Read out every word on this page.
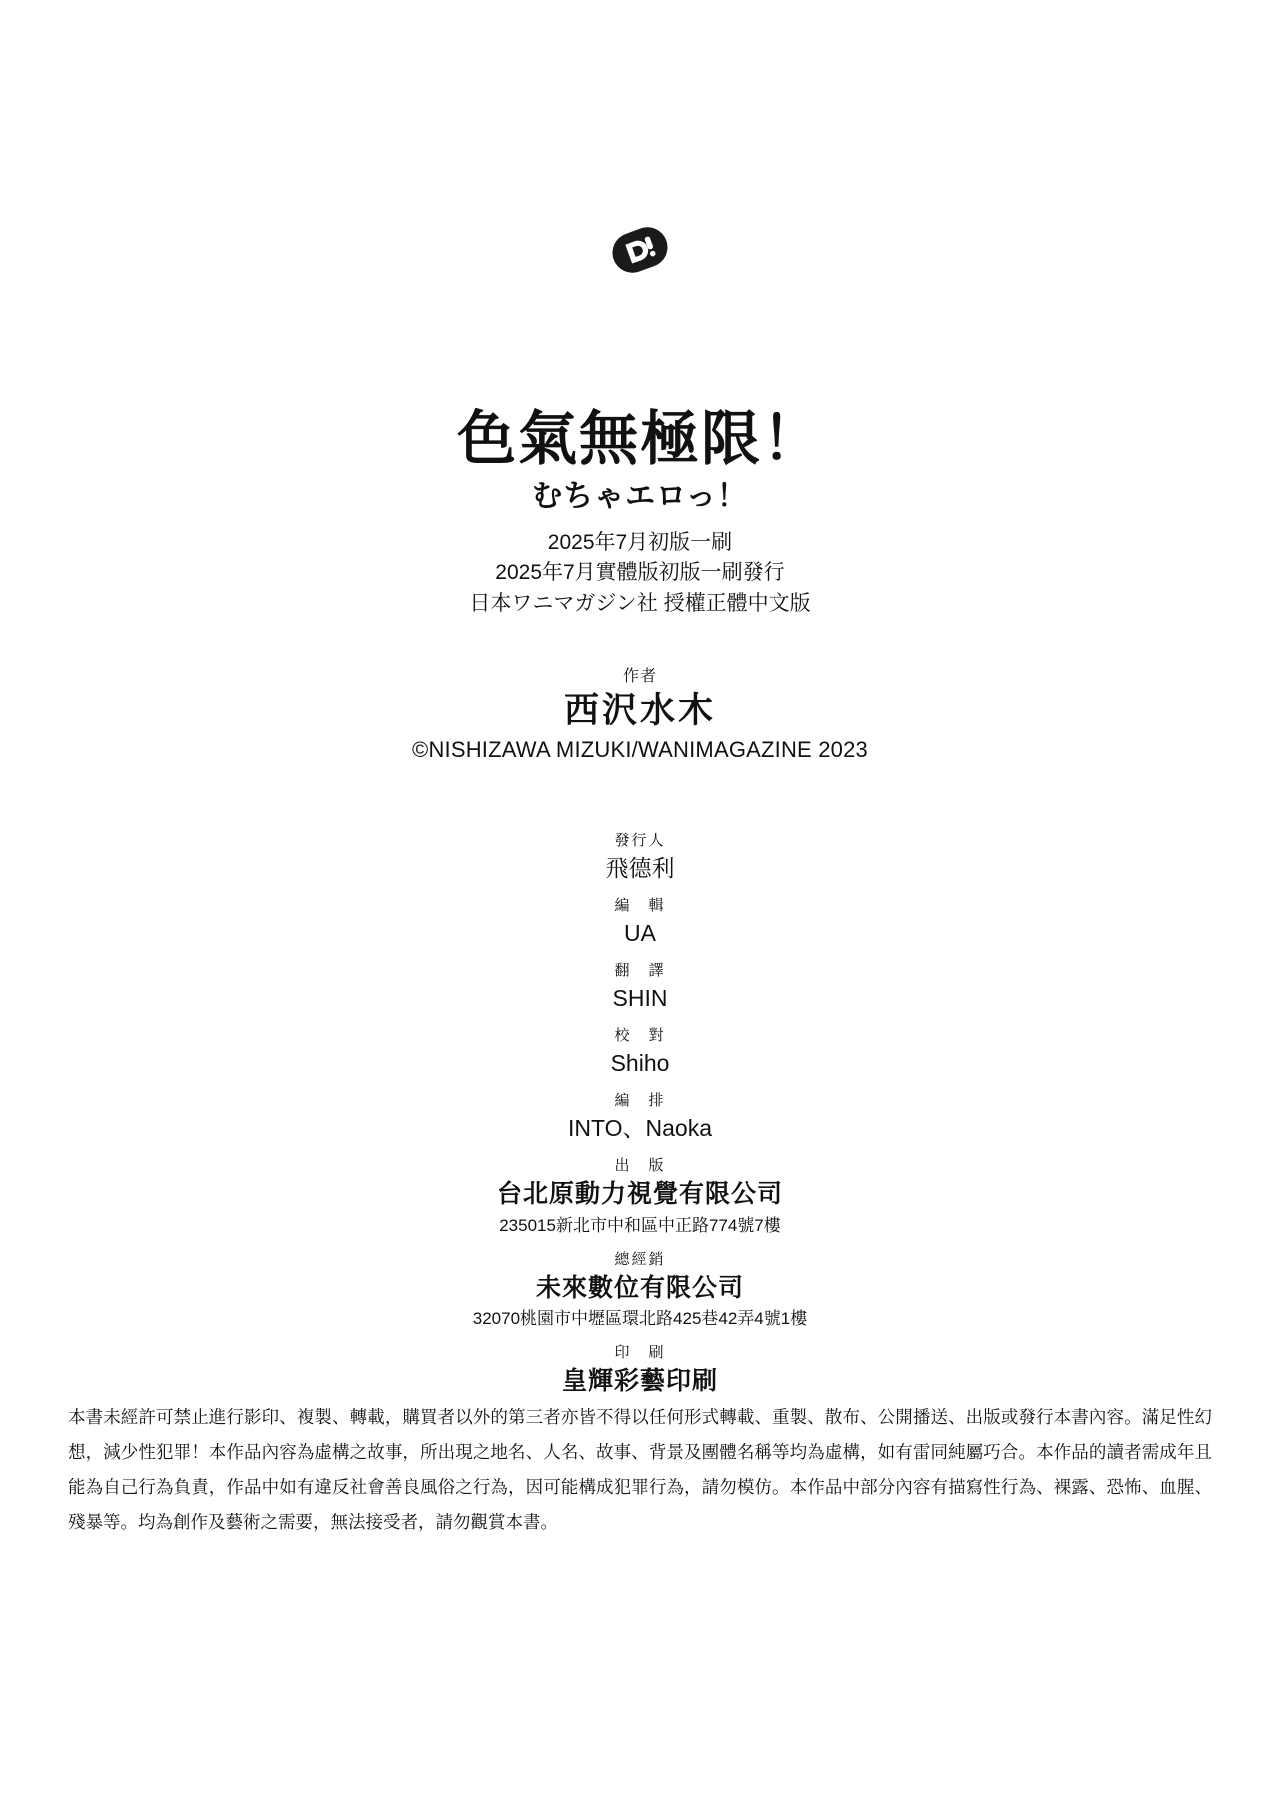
色氣無極限！
むちゃエロっ！
2025年7月初版一刷
2025年7月實體版初版一刷發行
日本ワニマガジン社 授權正體中文版
作者
西沢水木
©NISHIZAWA MIZUKI/WANIMAGAZINE 2023
發行人
飛德利
編　輯
UA
翻　譯
SHIN
校　對
Shiho
編　排
INTO、Naoka
出　版
台北原動力視覺有限公司
235015新北市中和區中正路774號7樓
總經銷
未來數位有限公司
32070桃園市中壢區環北路425巷42弄4號1樓
印　刷
皇輝彩藝印刷

本書未經許可禁止進行影印、複製、轉載，購買者以外的第三者亦皆不得以任何形式轉載、重製、散布、公開播送、出版或發行本書內容。滿足性幻想，減少性犯罪！本作品內容為虛構之故事，所出現之地名、人名、故事、背景及團體名稱等均為虛構，如有雷同純屬巧合。本作品的讀者需成年且能為自己行為負責，作品中如有違反社會善良風俗之行為，因可能構成犯罪行為，請勿模仿。本作品中部分內容有描寫性行為、裸露、恐怖、血腥、殘暴等。均為創作及藝術之需要，無法接受者，請勿觀賞本書。
